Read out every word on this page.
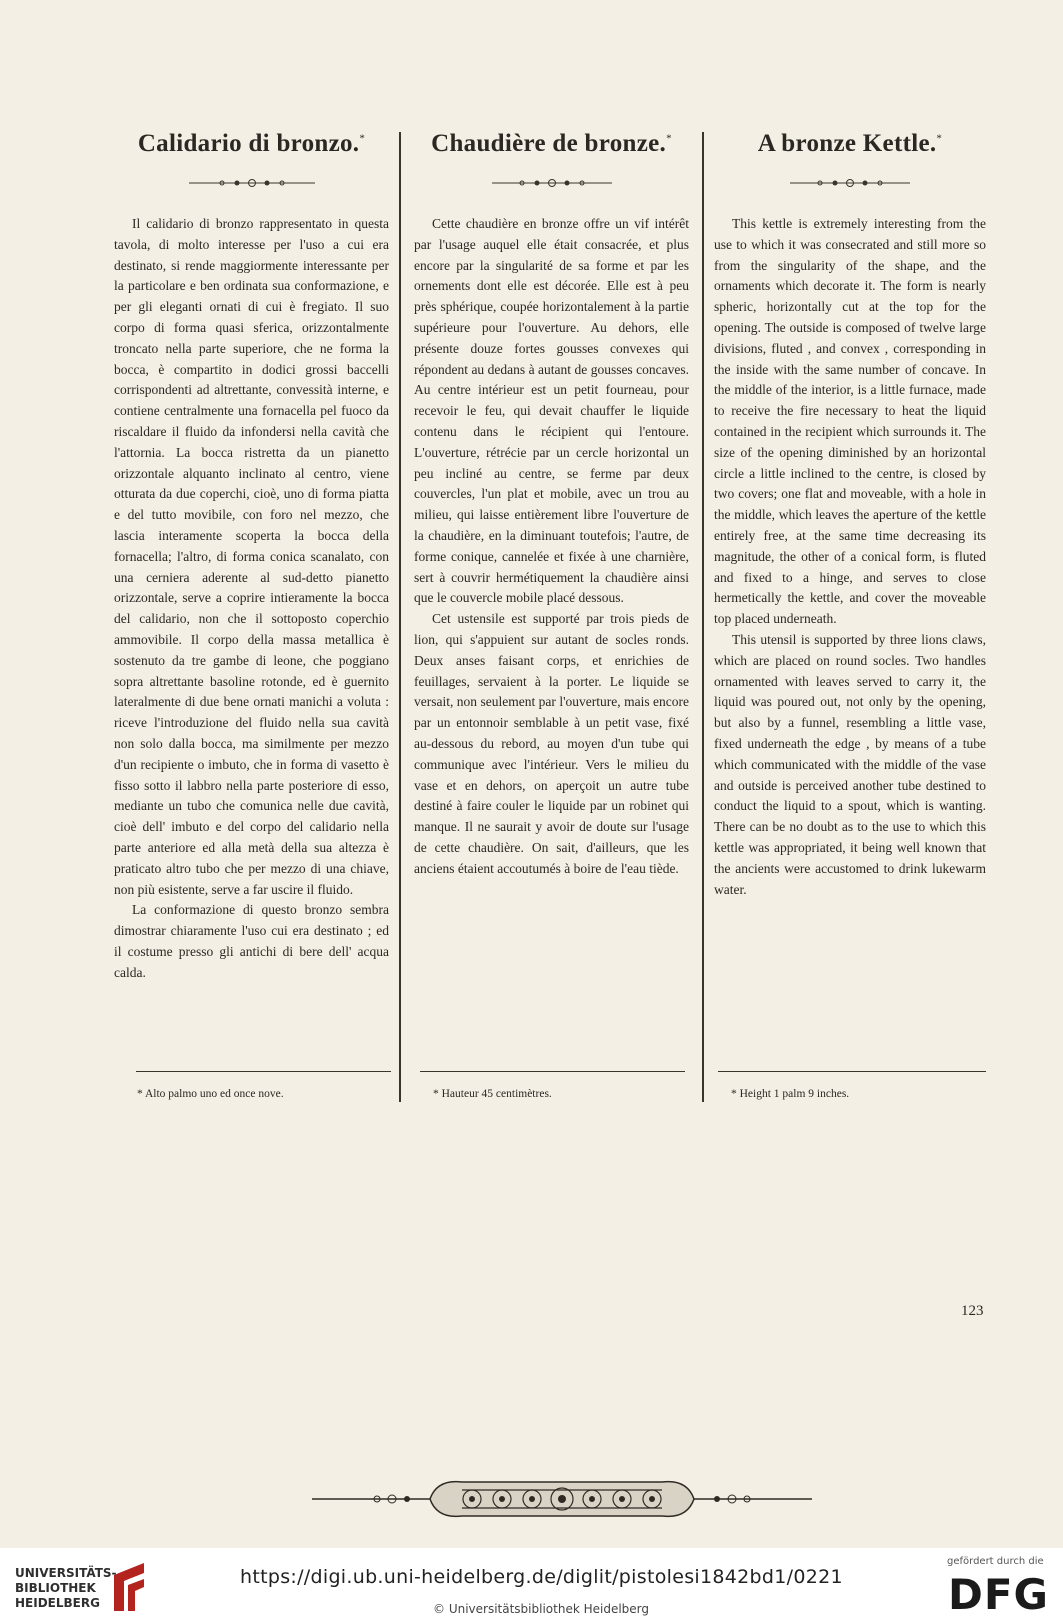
Calidario di bronzo.*

Il calidario di bronzo rappresentato in questa tavola, di molto interesse per l'uso a cui era destinato, si rende maggiormente interessante per la particolare e ben ordinata sua conformazione, e per gli eleganti ornati di cui è fregiato. Il suo corpo di forma quasi sferica, orizzontalmente troncato nella parte superiore, che ne forma la bocca, è compartito in dodici grossi baccelli corrispondenti ad altrettante, convessità interne, e contiene centralmente una fornacella pel fuoco da riscaldare il fluido da infondersi nella cavità che l'attornia. La bocca ristretta da un pianetto orizzontale alquanto inclinato al centro, viene otturata da due coperchi, cioè, uno di forma piatta e del tutto movibile, con foro nel mezzo, che lascia interamente scoperta la bocca della fornacella; l'altro, di forma conica scanalato, con una cerniera aderente al sud-detto pianetto orizzontale, serve a coprire intieramente la bocca del calidario, non che il sottoposto coperchio ammovibile. Il corpo della massa metallica è sostenuto da tre gambe di leone, che poggiano sopra altrettante basoline rotonde, ed è guernito lateralmente di due bene ornati manichi a voluta : riceve l'introduzione del fluido nella sua cavità non solo dalla bocca, ma similmente per mezzo d'un recipiente o imbuto, che in forma di vasetto è fisso sotto il labbro nella parte posteriore di esso, mediante un tubo che comunica nelle due cavità, cioè dell' imbuto e del corpo del calidario nella parte anteriore ed alla metà della sua altezza è praticato altro tubo che per mezzo di una chiave, non più esistente, serve a far uscire il fluido.

La conformazione di questo bronzo sembra dimostrar chiaramente l'uso cui era destinato ; ed il costume presso gli antichi di bere dell' acqua calda.

Chaudière de bronze.*

Cette chaudière en bronze offre un vif intérêt par l'usage auquel elle était consacrée, et plus encore par la singularité de sa forme et par les ornements dont elle est décorée. Elle est à peu près sphérique, coupée horizontalement à la partie supérieure pour l'ouverture. Au dehors, elle présente douze fortes gousses convexes qui répondent au dedans à autant de gousses concaves. Au centre intérieur est un petit fourneau, pour recevoir le feu, qui devait chauffer le liquide contenu dans le récipient qui l'entoure. L'ouverture, rétrécie par un cercle horizontal un peu incliné au centre, se ferme par deux couvercles, l'un plat et mobile, avec un trou au milieu, qui laisse entièrement libre l'ouverture de la chaudière, en la diminuant toutefois; l'autre, de forme conique, cannelée et fixée à une charnière, sert à couvrir hermétiquement la chaudière ainsi que le couvercle mobile placé dessous.

Cet ustensile est supporté par trois pieds de lion, qui s'appuient sur autant de socles ronds. Deux anses faisant corps, et enrichies de feuillages, servaient à la porter. Le liquide se versait, non seulement par l'ouverture, mais encore par un entonnoir semblable à un petit vase, fixé au-dessous du rebord, au moyen d'un tube qui communique avec l'intérieur. Vers le milieu du vase et en dehors, on aperçoit un autre tube destiné à faire couler le liquide par un robinet qui manque. Il ne saurait y avoir de doute sur l'usage de cette chaudière. On sait, d'ailleurs, que les anciens étaient accoutumés à boire de l'eau tiède.

A bronze Kettle.*

This kettle is extremely interesting from the use to which it was consecrated and still more so from the singularity of the shape, and the ornaments which decorate it. The form is nearly spheric, horizontally cut at the top for the opening. The outside is composed of twelve large divisions, fluted , and convex , corresponding in the inside with the same number of concave. In the middle of the interior, is a little furnace, made to receive the fire necessary to heat the liquid contained in the recipient which surrounds it. The size of the opening diminished by an horizontal circle a little inclined to the centre, is closed by two covers; one flat and moveable, with a hole in the middle, which leaves the aperture of the kettle entirely free, at the same time decreasing its magnitude, the other of a conical form, is fluted and fixed to a hinge, and serves to close hermetically the kettle, and cover the moveable top placed underneath.

This utensil is supported by three lions claws, which are placed on round socles. Two handles ornamented with leaves served to carry it, the liquid was poured out, not only by the opening, but also by a funnel, resembling a little vase, fixed underneath the edge , by means of a tube which communicated with the middle of the vase and outside is perceived another tube destined to conduct the liquid to a spout, which is wanting. There can be no doubt as to the use to which this kettle was appropriated, it being well known that the ancients were accustomed to drink lukewarm water.

* Alto palmo uno ed once nove.	* Hauteur 45 centimètres.	* Height 1 palm 9 inches.
123
UNIVERSITÄTS-
BIBLIOTHEK
HEIDELBERG
https://digi.ub.uni-heidelberg.de/diglit/pistolesi1842bd1/0221
© Universitätsbibliothek Heidelberg
gefördert durch die
DFG
